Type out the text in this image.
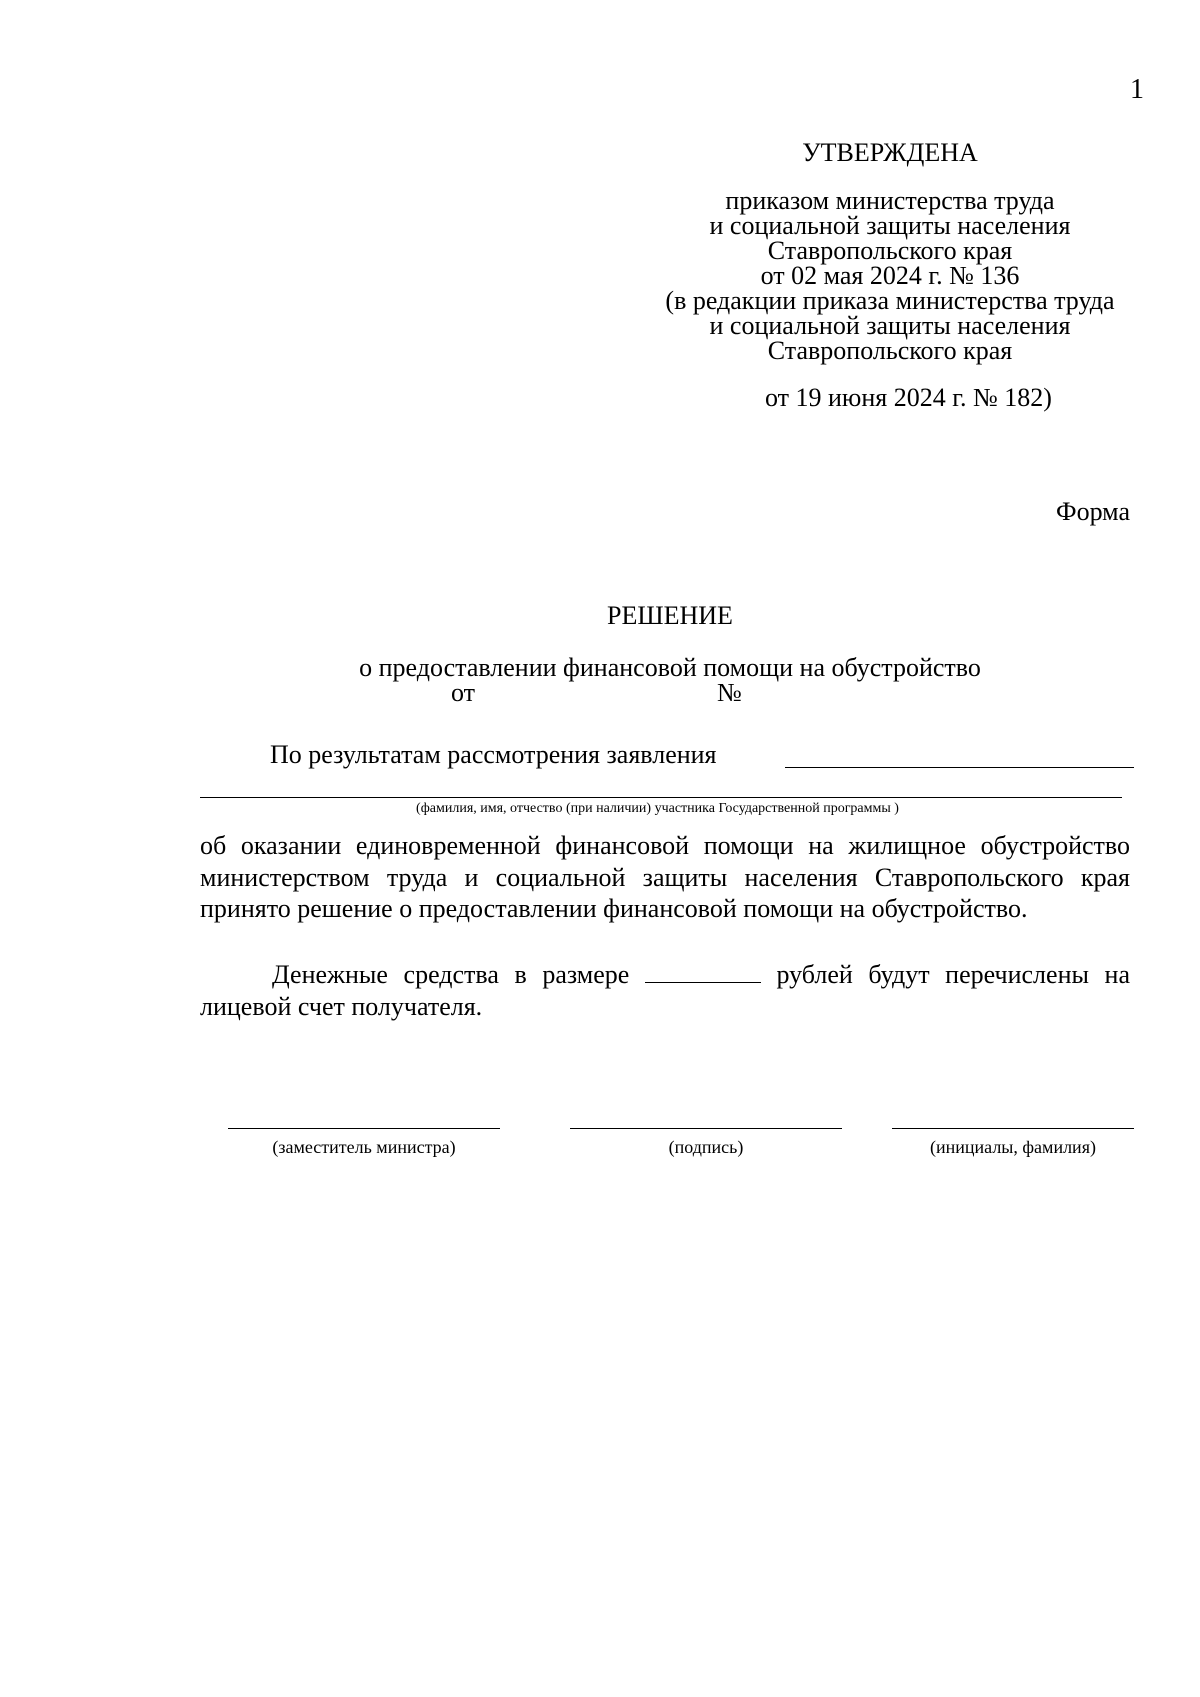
1
УТВЕРЖДЕНА
приказом министерства труда
и социальной защиты населения
Ставропольского края
от 02 мая 2024 г. № 136
(в редакции приказа министерства труда
и социальной защиты населения
Ставропольского края
от 19 июня 2024 г. № 182)
Форма
РЕШЕНИЕ
о предоставлении финансовой помощи на обустройство
от	№
По результатам рассмотрения заявления
(фамилия, имя, отчество (при наличии) участника Государственной программы )
об оказании единовременной финансовой помощи на жилищное обустройство министерством труда и социальной защиты населения Ставропольского края принято решение о предоставлении финансовой помощи на обустройство.
Денежные средства в размере	рублей будут перечислены на лицевой счет получателя.
(заместитель министра)	(подпись)	(инициалы, фамилия)
